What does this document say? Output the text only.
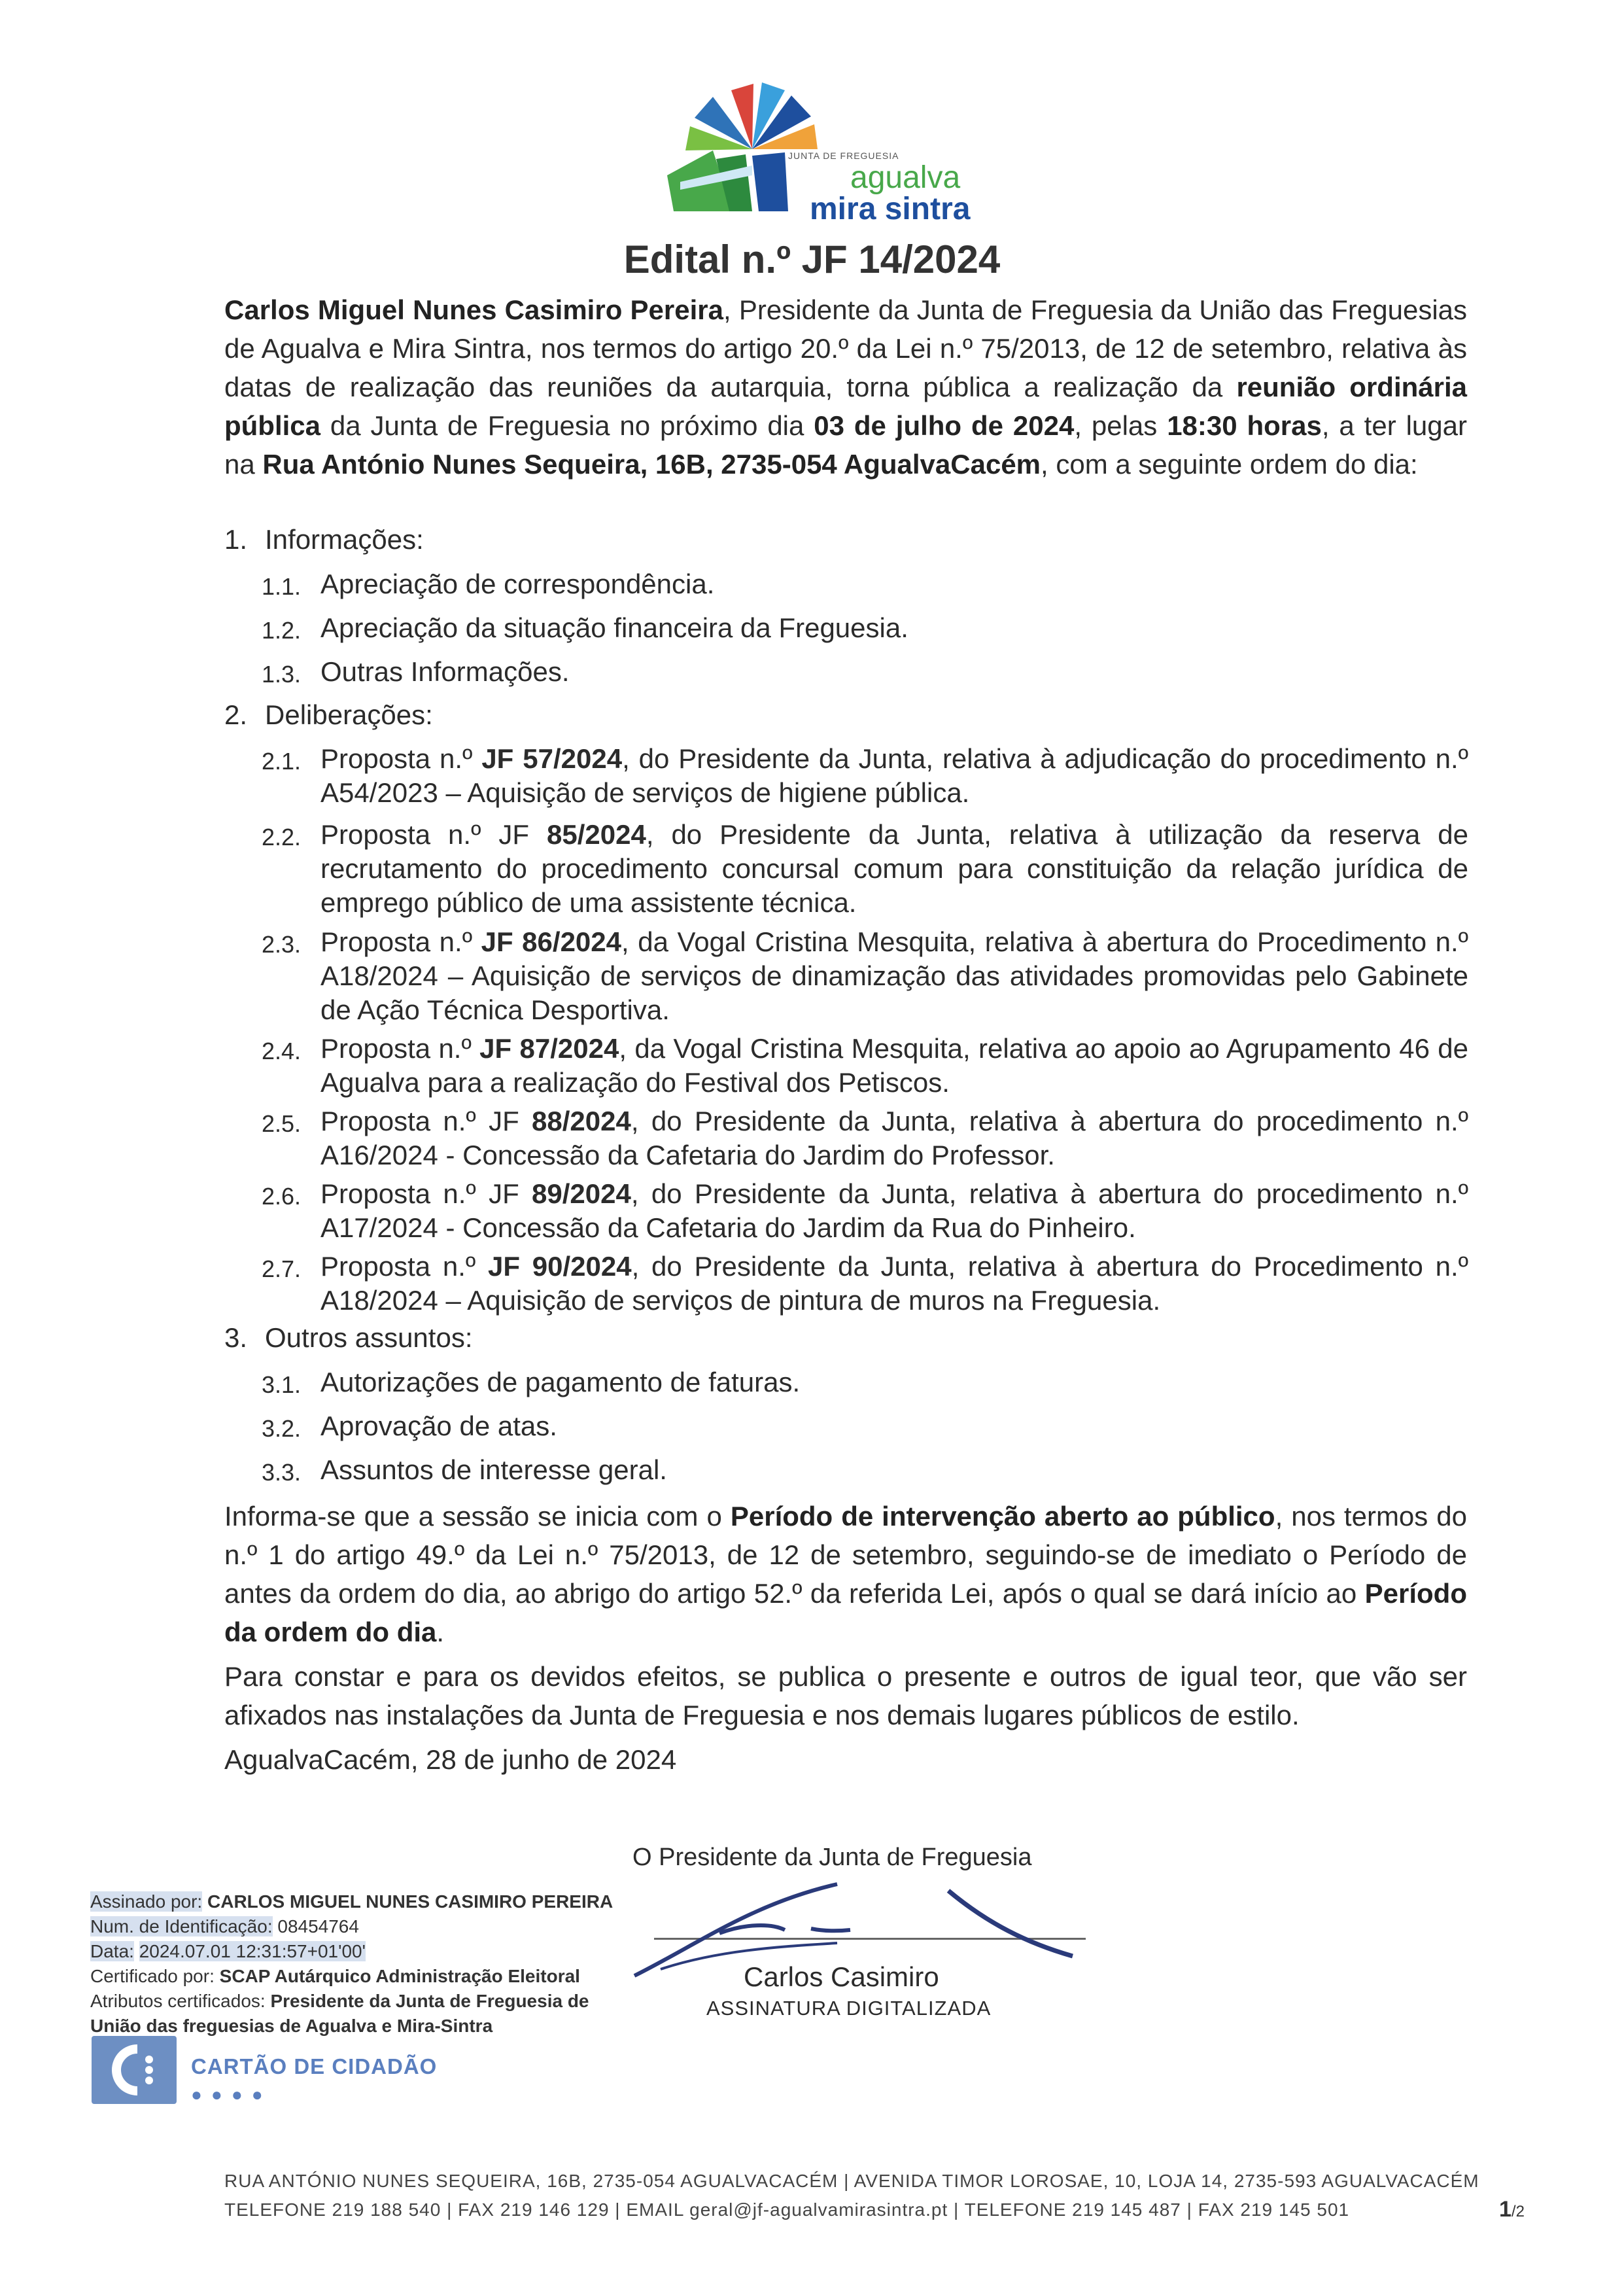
JUNTA DE FREGUESIA
agualva
mira sintra
Edital n.º JF 14/2024
Carlos Miguel Nunes Casimiro Pereira, Presidente da Junta de Freguesia da União das Freguesias de Agualva e Mira Sintra, nos termos do artigo 20.º da Lei n.º 75/2013, de 12 de setembro, relativa às datas de realização das reuniões da autarquia, torna pública a realização da reunião ordinária pública da Junta de Freguesia no próximo dia 03 de julho de 2024, pelas 18:30 horas, a ter lugar na Rua António Nunes Sequeira, 16B, 2735-054 AgualvaCacém, com a seguinte ordem do dia:
1. Informações:
1.1. Apreciação de correspondência.
1.2. Apreciação da situação financeira da Freguesia.
1.3. Outras Informações.
2. Deliberações:
2.1. Proposta n.º JF 57/2024, do Presidente da Junta, relativa à adjudicação do procedimento n.º A54/2023 – Aquisição de serviços de higiene pública.
2.2. Proposta n.º JF 85/2024, do Presidente da Junta, relativa à utilização da reserva de recrutamento do procedimento concursal comum para constituição da relação jurídica de emprego público de uma assistente técnica.
2.3. Proposta n.º JF 86/2024, da Vogal Cristina Mesquita, relativa à abertura do Procedimento n.º A18/2024 – Aquisição de serviços de dinamização das atividades promovidas pelo Gabinete de Ação Técnica Desportiva.
2.4. Proposta n.º JF 87/2024, da Vogal Cristina Mesquita, relativa ao apoio ao Agrupamento 46 de Agualva para a realização do Festival dos Petiscos.
2.5. Proposta n.º JF 88/2024, do Presidente da Junta, relativa à abertura do procedimento n.º A16/2024 - Concessão da Cafetaria do Jardim do Professor.
2.6. Proposta n.º JF 89/2024, do Presidente da Junta, relativa à abertura do procedimento n.º A17/2024 - Concessão da Cafetaria do Jardim da Rua do Pinheiro.
2.7. Proposta n.º JF 90/2024, do Presidente da Junta, relativa à abertura do Procedimento n.º A18/2024 – Aquisição de serviços de pintura de muros na Freguesia.
3. Outros assuntos:
3.1. Autorizações de pagamento de faturas.
3.2. Aprovação de atas.
3.3. Assuntos de interesse geral.
Informa-se que a sessão se inicia com o Período de intervenção aberto ao público, nos termos do n.º 1 do artigo 49.º da Lei n.º 75/2013, de 12 de setembro, seguindo-se de imediato o Período de antes da ordem do dia, ao abrigo do artigo 52.º da referida Lei, após o qual se dará início ao Período da ordem do dia.
Para constar e para os devidos efeitos, se publica o presente e outros de igual teor, que vão ser afixados nas instalações da Junta de Freguesia e nos demais lugares públicos de estilo.
AgualvaCacém, 28 de junho de 2024
O Presidente da Junta de Freguesia
Carlos Casimiro
ASSINATURA DIGITALIZADA
Assinado por: CARLOS MIGUEL NUNES CASIMIRO PEREIRA
Num. de Identificação: 08454764
Data: 2024.07.01 12:31:57+01'00'
Certificado por: SCAP Autárquico Administração Eleitoral
Atributos certificados: Presidente da Junta de Freguesia de
União das freguesias de Agualva e Mira-Sintra
CARTÃO DE CIDADÃO
●●●●
RUA ANTÓNIO NUNES SEQUEIRA, 16B, 2735-054 AGUALVACACÉM | AVENIDA TIMOR LOROSAE, 10, LOJA 14, 2735-593 AGUALVACACÉM
TELEFONE 219 188 540 | FAX 219 146 129 | EMAIL geral@jf-agualvamirasintra.pt | TELEFONE 219 145 487 | FAX 219 145 501	1/2
